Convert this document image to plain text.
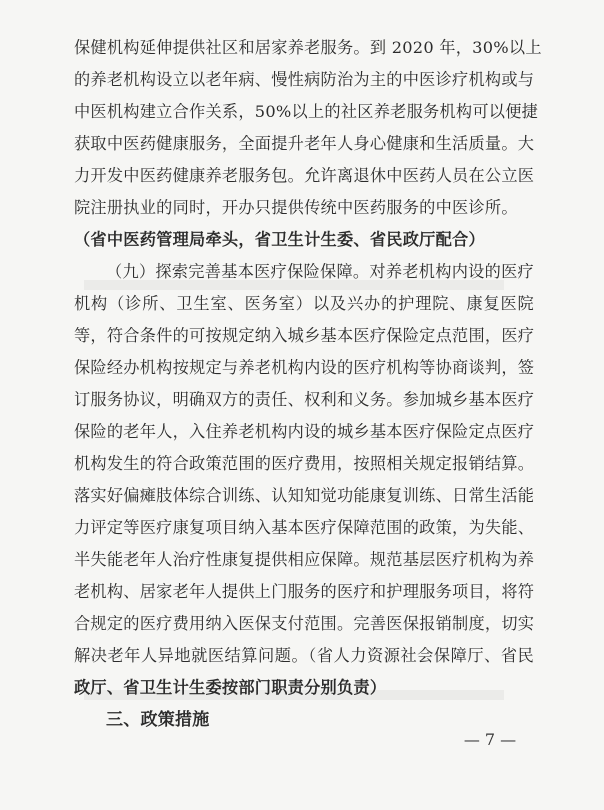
保健机构延伸提供社区和居家养老服务。到 2020 年，30%以上
的养老机构设立以老年病、慢性病防治为主的中医诊疗机构或与
中医机构建立合作关系，50%以上的社区养老服务机构可以便捷
获取中医药健康服务，全面提升老年人身心健康和生活质量。大
力开发中医药健康养老服务包。允许离退休中医药人员在公立医
院注册执业的同时，开办只提供传统中医药服务的中医诊所。
（省中医药管理局牵头，省卫生计生委、省民政厅配合）
（九）探索完善基本医疗保险保障。对养老机构内设的医疗
机构（诊所、卫生室、医务室）以及兴办的护理院、康复医院
等，符合条件的可按规定纳入城乡基本医疗保险定点范围，医疗
保险经办机构按规定与养老机构内设的医疗机构等协商谈判，签
订服务协议，明确双方的责任、权利和义务。参加城乡基本医疗
保险的老年人，入住养老机构内设的城乡基本医疗保险定点医疗
机构发生的符合政策范围的医疗费用，按照相关规定报销结算。
落实好偏瘫肢体综合训练、认知知觉功能康复训练、日常生活能
力评定等医疗康复项目纳入基本医疗保障范围的政策，为失能、
半失能老年人治疗性康复提供相应保障。规范基层医疗机构为养
老机构、居家老年人提供上门服务的医疗和护理服务项目，将符
合规定的医疗费用纳入医保支付范围。完善医保报销制度，切实
解决老年人异地就医结算问题。（省人力资源社会保障厅、省民
政厅、省卫生计生委按部门职责分别负责）
三、政策措施
— 7 —
